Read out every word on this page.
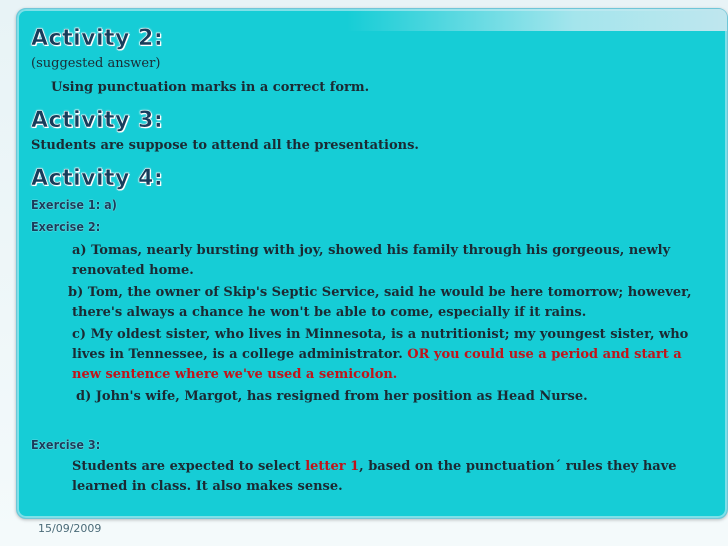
Activity 2:
(suggested answer)
Using punctuation marks in a correct form.
Activity 3:
Students are suppose to attend all the presentations.
Activity 4:
Exercise 1: a)
Exercise 2:
a) Tomas, nearly bursting with joy, showed his family through his gorgeous, newly renovated home.
b) Tom, the owner of Skip's Septic Service, said he would be here tomorrow; however, there's always a chance he won't be able to come, especially if it rains.
c) My oldest sister, who lives in Minnesota, is a nutritionist; my youngest sister, who lives in Tennessee, is a college administrator. OR you could use a period and start a new sentence where we've used a semicolon.
d) John's wife, Margot, has resigned from her position as Head Nurse.
Exercise 3:
Students are expected to select letter 1, based on the punctuation´ rules they have learned in class. It also makes sense.
15/09/2009
